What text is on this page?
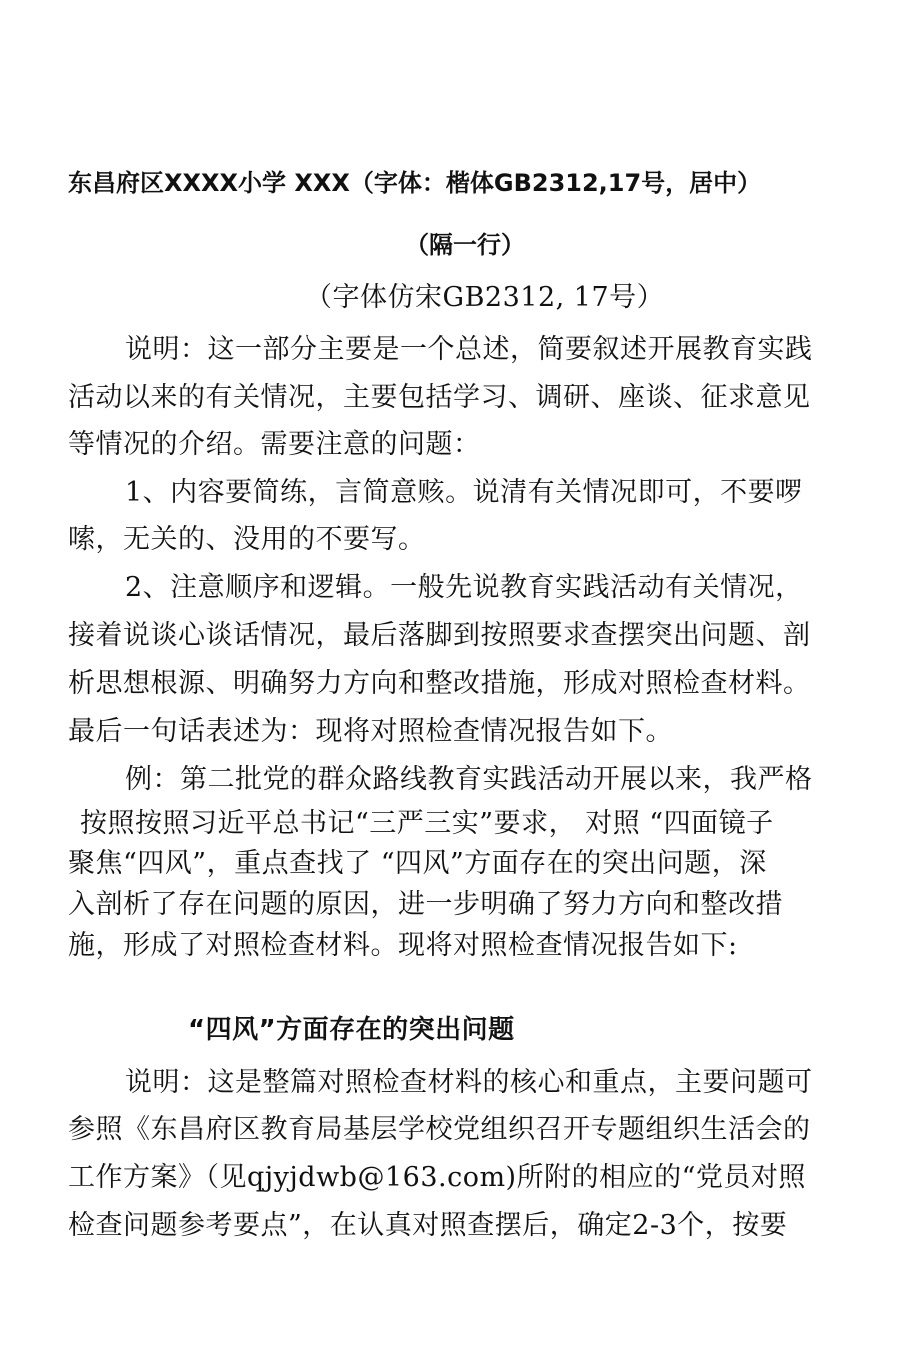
东昌府区XXXX小学 XXX（字体：楷体GB2312,17号，居中）
（隔一行）
（字体仿宋GB2312, 17号）
说明：这一部分主要是一个总述，简要叙述开展教育实践
活动以来的有关情况，主要包括学习、调研、座谈、征求意见
等情况的介绍。需要注意的问题：
1、内容要简练，言简意赅。说清有关情况即可，不要啰
嗦，无关的、没用的不要写。
2、注意顺序和逻辑。一般先说教育实践活动有关情况，
接着说谈心谈话情况，最后落脚到按照要求查摆突出问题、剖
析思想根源、明确努力方向和整改措施，形成对照检查材料。
最后一句话表述为：现将对照检查情况报告如下。
例：第二批党的群众路线教育实践活动开展以来，我严格
按照按照习近平总书记“三严三实”要求， 对照 “四面镜子
聚焦“四风”，重点查找了 “四风”方面存在的突出问题，深
入剖析了存在问题的原因，进一步明确了努力方向和整改措
施，形成了对照检查材料。现将对照检查情况报告如下:
“四风”方面存在的突出问题
说明：这是整篇对照检查材料的核心和重点，主要问题可
参照《东昌府区教育局基层学校党组织召开专题组织生活会的
工作方案》（见qjyjdwb@163.com)所附的相应的“党员对照
检查问题参考要点”，在认真对照查摆后，确定2-3个，按要
